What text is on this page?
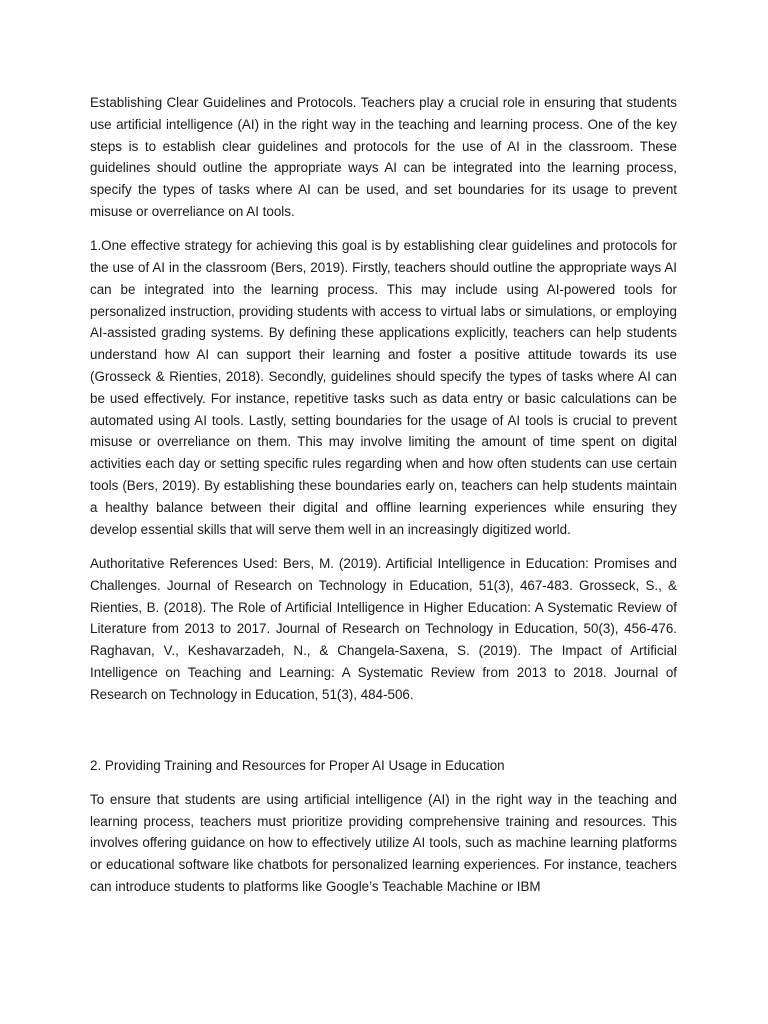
Establishing Clear Guidelines and Protocols. Teachers play a crucial role in ensuring that students use artificial intelligence (AI) in the right way in the teaching and learning process. One of the key steps is to establish clear guidelines and protocols for the use of AI in the classroom. These guidelines should outline the appropriate ways AI can be integrated into the learning process, specify the types of tasks where AI can be used, and set boundaries for its usage to prevent misuse or overreliance on AI tools.

1.One effective strategy for achieving this goal is by establishing clear guidelines and protocols for the use of AI in the classroom (Bers, 2019). Firstly, teachers should outline the appropriate ways AI can be integrated into the learning process. This may include using AI-powered tools for personalized instruction, providing students with access to virtual labs or simulations, or employing AI-assisted grading systems. By defining these applications explicitly, teachers can help students understand how AI can support their learning and foster a positive attitude towards its use (Grosseck & Rienties, 2018). Secondly, guidelines should specify the types of tasks where AI can be used effectively. For instance, repetitive tasks such as data entry or basic calculations can be automated using AI tools. Lastly, setting boundaries for the usage of AI tools is crucial to prevent misuse or overreliance on them. This may involve limiting the amount of time spent on digital activities each day or setting specific rules regarding when and how often students can use certain tools (Bers, 2019). By establishing these boundaries early on, teachers can help students maintain a healthy balance between their digital and offline learning experiences while ensuring they develop essential skills that will serve them well in an increasingly digitized world.

Authoritative References Used: Bers, M. (2019). Artificial Intelligence in Education: Promises and Challenges. Journal of Research on Technology in Education, 51(3), 467-483. Grosseck, S., & Rienties, B. (2018). The Role of Artificial Intelligence in Higher Education: A Systematic Review of Literature from 2013 to 2017. Journal of Research on Technology in Education, 50(3), 456-476. Raghavan, V., Keshavarzadeh, N., & Changela-Saxena, S. (2019). The Impact of Artificial Intelligence on Teaching and Learning: A Systematic Review from 2013 to 2018. Journal of Research on Technology in Education, 51(3), 484-506.

2. Providing Training and Resources for Proper AI Usage in Education

To ensure that students are using artificial intelligence (AI) in the right way in the teaching and learning process, teachers must prioritize providing comprehensive training and resources. This involves offering guidance on how to effectively utilize AI tools, such as machine learning platforms or educational software like chatbots for personalized learning experiences. For instance, teachers can introduce students to platforms like Google’s Teachable Machine or IBM
